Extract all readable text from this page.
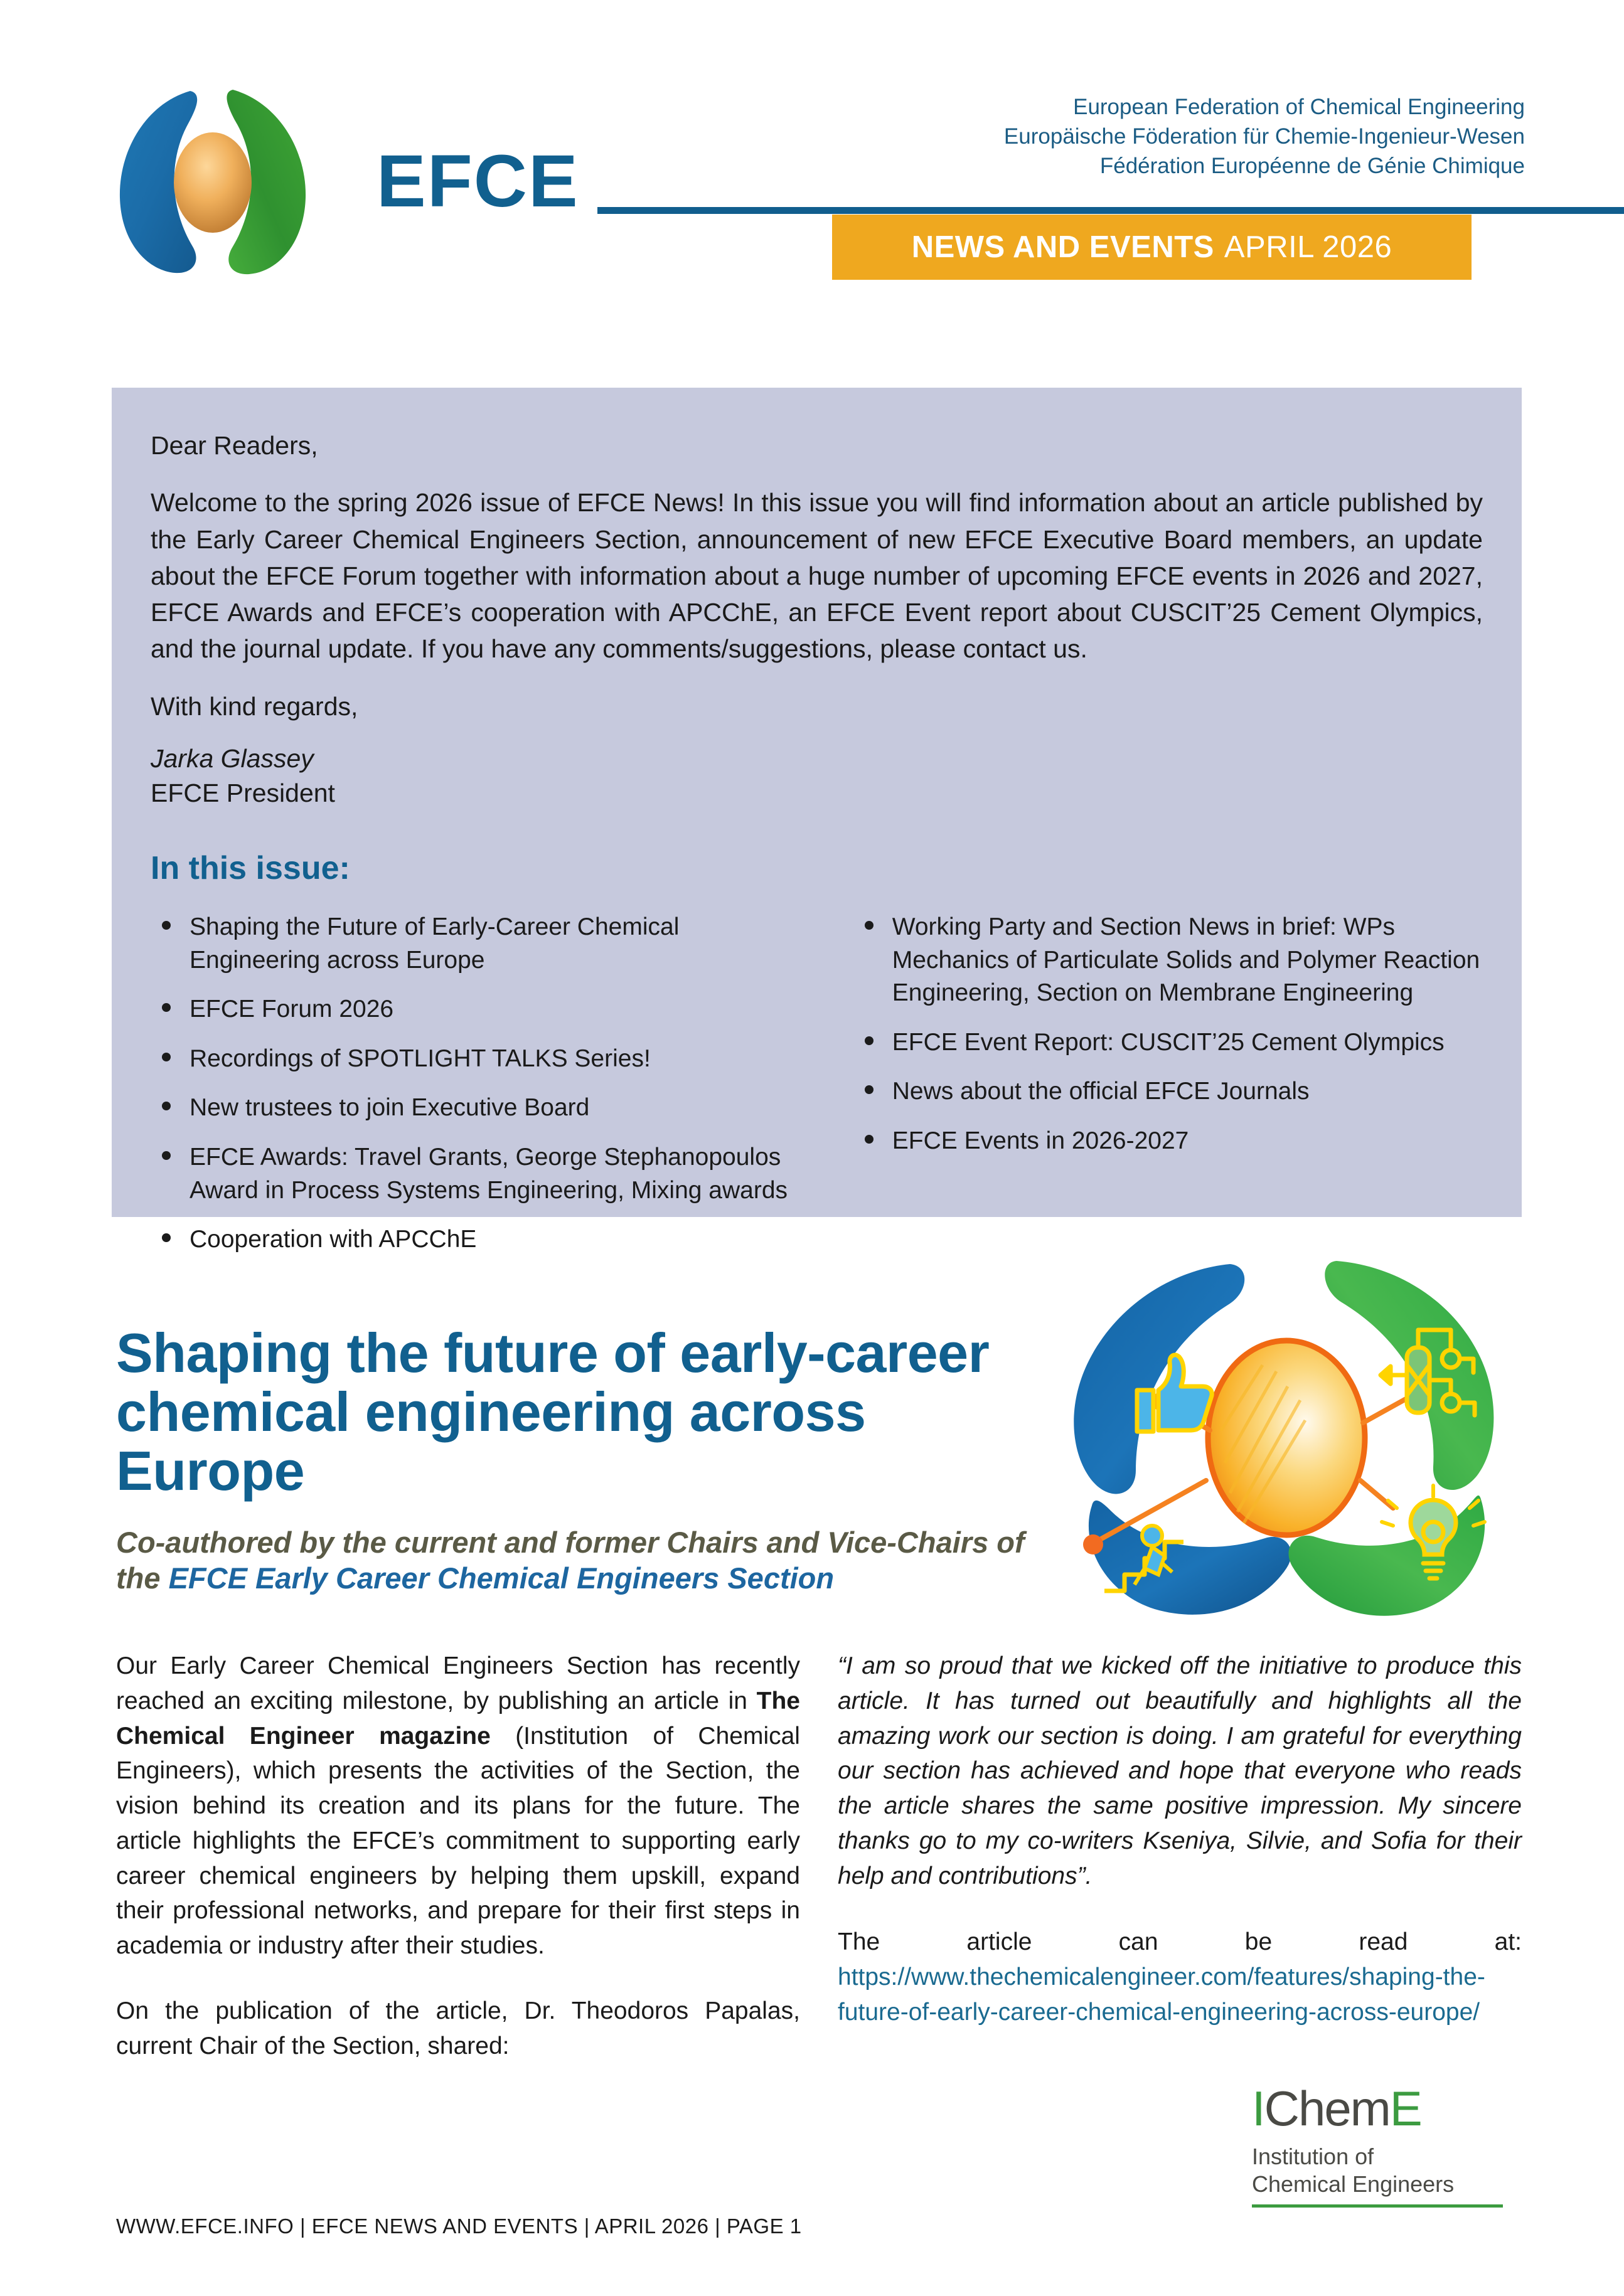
EFCE
European Federation of Chemical Engineering
Europäische Föderation für Chemie-Ingenieur-Wesen
Fédération Européenne de Génie Chimique
NEWS AND EVENTS APRIL 2026
Dear Readers,
Welcome to the spring 2026 issue of EFCE News! In this issue you will find information about an article published by the Early Career Chemical Engineers Section, announcement of new EFCE Executive Board members, an update about the EFCE Forum together with information about a huge number of upcoming EFCE events in 2026 and 2027, EFCE Awards and EFCE’s cooperation with APCChE, an EFCE Event report about CUSCIT’25 Cement Olympics, and the journal update. If you have any comments/suggestions, please contact us.
With kind regards,
Jarka Glassey
EFCE President
In this issue:
Shaping the Future of Early-Career Chemical Engineering across Europe
EFCE Forum 2026
Recordings of SPOTLIGHT TALKS Series!
New trustees to join Executive Board
EFCE Awards: Travel Grants, George Stephanopoulos Award in Process Systems Engineering, Mixing awards
Cooperation with APCChE
Working Party and Section News in brief: WPs Mechanics of Particulate Solids and Polymer Reaction Engineering, Section on Membrane Engineering
EFCE Event Report: CUSCIT’25 Cement Olympics
News about the official EFCE Journals
EFCE Events in 2026-2027
Shaping the future of early-career chemical engineering across Europe
Co-authored by the current and former Chairs and Vice-Chairs of the EFCE Early Career Chemical Engineers Section
Our Early Career Chemical Engineers Section has recently reached an exciting milestone, by publishing an article in The Chemical Engineer magazine (Institution of Chemical Engineers), which presents the activities of the Section, the vision behind its creation and its plans for the future. The article highlights the EFCE’s commitment to supporting early career chemical engineers by helping them upskill, expand their professional networks, and prepare for their first steps in academia or industry after their studies.
On the publication of the article, Dr. Theodoros Papalas, current Chair of the Section, shared:
“I am so proud that we kicked off the initiative to produce this article. It has turned out beautifully and highlights all the amazing work our section is doing. I am grateful for everything our section has achieved and hope that everyone who reads the article shares the same positive impression. My sincere thanks go to my co-writers Kseniya, Silvie, and Sofia for their help and contributions”.
The article can be read at: https://www.thechemicalengineer.com/features/shaping-the-future-of-early-career-chemical-engineering-across-europe/
IChemE
Institution of
Chemical Engineers
WWW.EFCE.INFO | EFCE NEWS AND EVENTS | APRIL 2026 | PAGE 1
